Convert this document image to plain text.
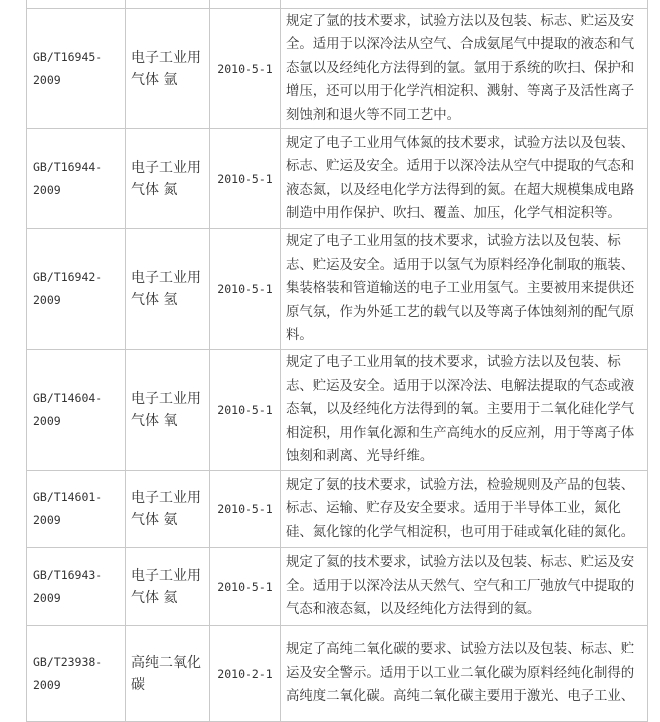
GB/T16945-2009	电子工业用气体 氩	2010-5-1	规定了氩的技术要求，试验方法以及包装、标志、贮运及安全。适用于以深冷法从空气、合成氨尾气中提取的液态和气态氩以及经纯化方法得到的氩。氩用于系统的吹扫、保护和增压，还可以用于化学汽相淀积、溅射、等离子及活性离子刻蚀剂和退火等不同工艺中。
GB/T16944-2009	电子工业用气体 氮	2010-5-1	规定了电子工业用气体氮的技术要求，试验方法以及包装、标志、贮运及安全。适用于以深冷法从空气中提取的气态和液态氮，以及经电化学方法得到的氮。在超大规模集成电路制造中用作保护、吹扫、覆盖、加压，化学气相淀积等。
GB/T16942-2009	电子工业用气体 氢	2010-5-1	规定了电子工业用氢的技术要求，试验方法以及包装、标志、贮运及安全。适用于以氢气为原料经净化制取的瓶装、集装格装和管道输送的电子工业用氢气。主要被用来提供还原气氛，作为外延工艺的载气以及等离子体蚀刻剂的配气原料。
GB/T14604-2009	电子工业用气体 氧	2010-5-1	规定了电子工业用氧的技术要求，试验方法以及包装、标志、贮运及安全。适用于以深冷法、电解法提取的气态或液态氧，以及经纯化方法得到的氧。主要用于二氧化硅化学气相淀积，用作氧化源和生产高纯水的反应剂，用于等离子体蚀刻和剥离、光导纤维。
GB/T14601-2009	电子工业用气体 氨	2010-5-1	规定了氨的技术要求，试验方法，检验规则及产品的包装、标志、运输、贮存及安全要求。适用于半导体工业，氮化硅、氮化镓的化学气相淀积，也可用于硅或氧化硅的氮化。
GB/T16943-2009	电子工业用气体 氦	2010-5-1	规定了氦的技术要求，试验方法以及包装、标志、贮运及安全。适用于以深冷法从天然气、空气和工厂弛放气中提取的气态和液态氦，以及经纯化方法得到的氦。
GB/T23938-2009	高纯二氧化碳	2010-2-1	规定了高纯二氧化碳的要求、试验方法以及包装、标志、贮运及安全警示。适用于以工业二氧化碳为原料经纯化制得的高纯度二氧化碳。高纯二氧化碳主要用于激光、电子工业、
